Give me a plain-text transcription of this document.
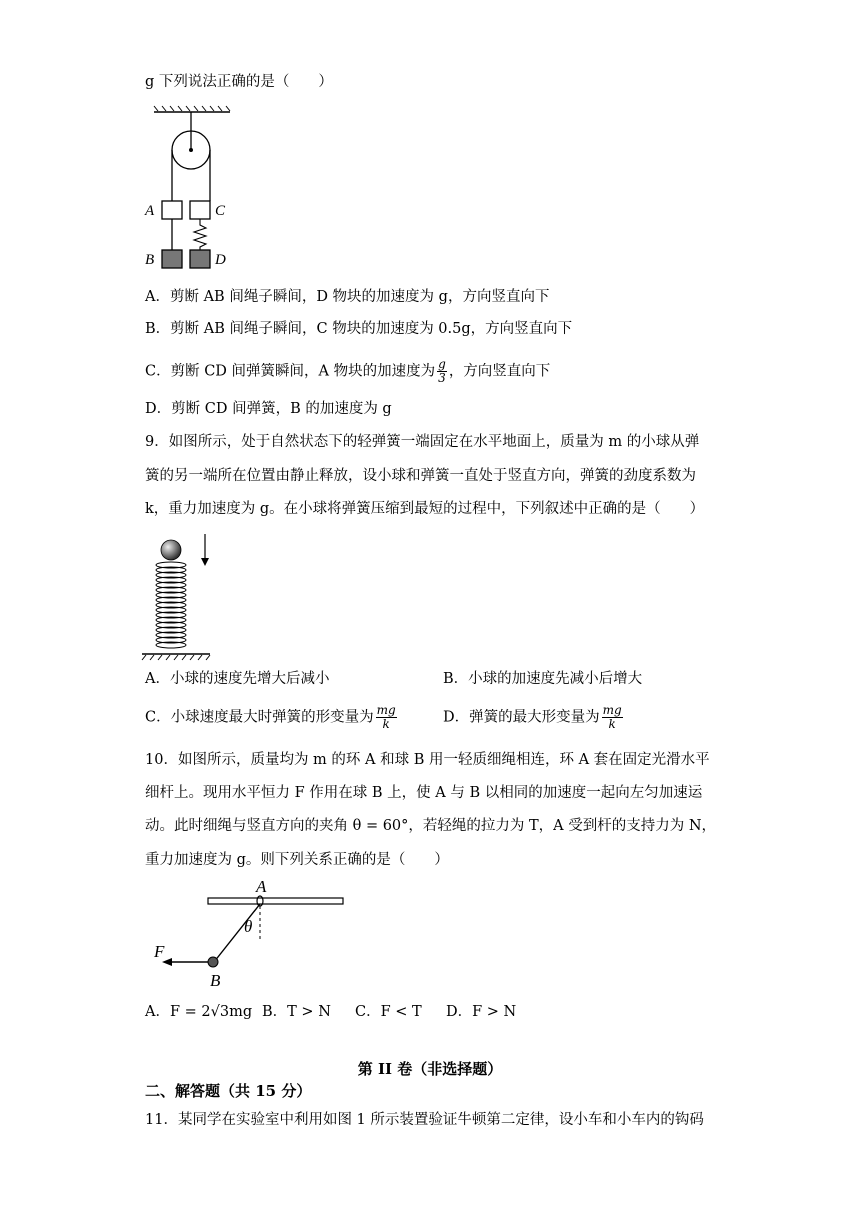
g 下列说法正确的是（　　）
A	C
B	D
A．剪断 AB 间绳子瞬间，D 物块的加速度为 g，方向竖直向下
B．剪断 AB 间绳子瞬间，C 物块的加速度为 0.5g，方向竖直向下
C．剪断 CD 间弹簧瞬间，A 物块的加速度为 $\frac{g}{3}$ ，方向竖直向下
D．剪断 CD 间弹簧，B 的加速度为 g
9．如图所示，处于自然状态下的轻弹簧一端固定在水平地面上，质量为 m 的小球从弹
簧的另一端所在位置由静止释放，设小球和弹簧一直处于竖直方向，弹簧的劲度系数为
k，重力加速度为 g。在小球将弹簧压缩到最短的过程中，下列叙述中正确的是（　　）
A．小球的速度先增大后减小	B．小球的加速度先减小后增大
C．小球速度最大时弹簧的形变量为 $\frac{mg}{k}$	D．弹簧的最大形变量为 $\frac{mg}{k}$
10．如图所示，质量均为 m 的环 A 和球 B 用一轻质细绳相连，环 A 套在固定光滑水平
细杆上。现用水平恒力 F 作用在球 B 上，使 A 与 B 以相同的加速度一起向左匀加速运
动。此时细绳与竖直方向的夹角 θ = 60°，若轻绳的拉力为 T，A 受到杆的支持力为 N，
重力加速度为 g。则下列关系正确的是（　　）
A
θ
F
B
A．F = 2√3mg B．T > N C．F < T D．F > N
第 II 卷（非选择题）
二、解答题（共 15 分）
11．某同学在实验室中利用如图 1 所示装置验证牛顿第二定律，设小车和小车内的钩码
